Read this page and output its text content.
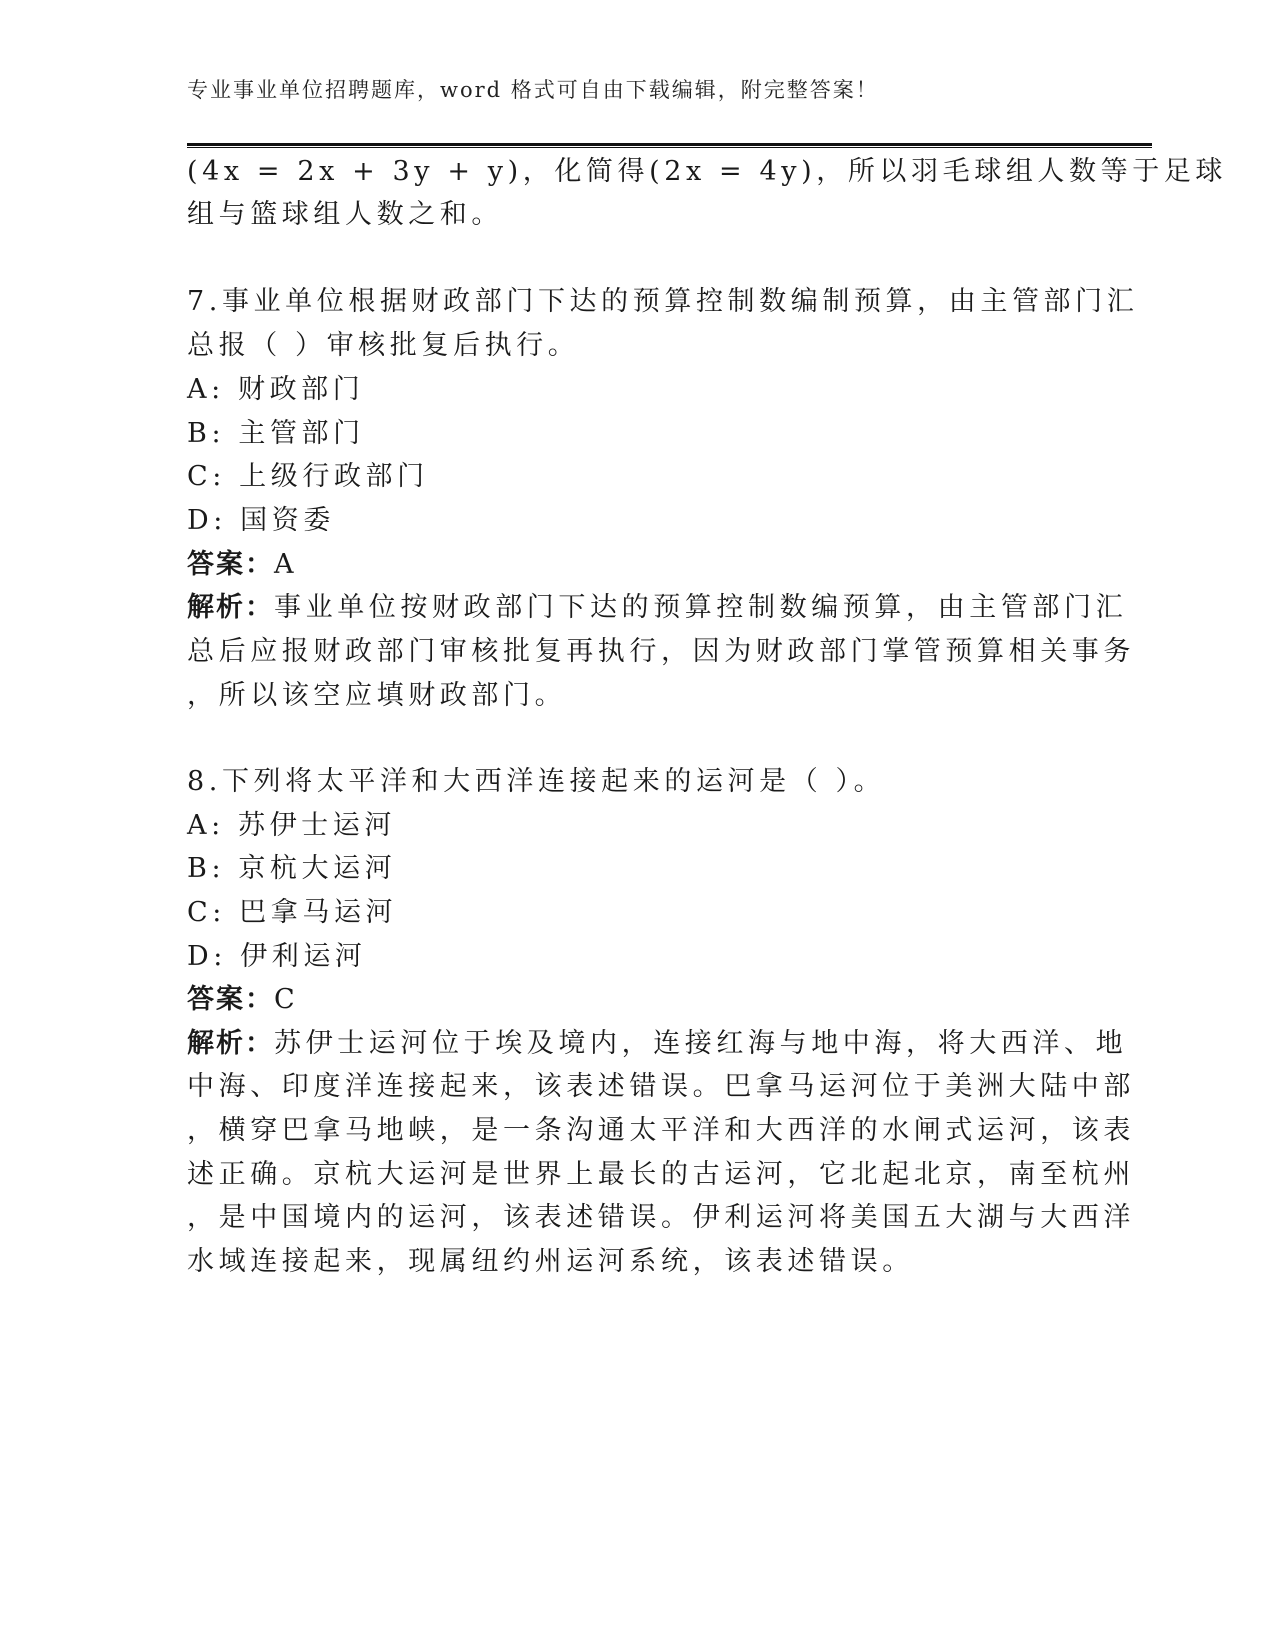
专业事业单位招聘题库，word 格式可自由下载编辑，附完整答案！
(4x = 2x + 3y + y)，化简得(2x = 4y)，所以羽毛球组人数等于足球
组与篮球组人数之和。
7.事业单位根据财政部门下达的预算控制数编制预算，由主管部门汇
总报（ ）审核批复后执行。
A: 财政部门
B: 主管部门
C: 上级行政部门
D: 国资委
答案：A
解析：事业单位按财政部门下达的预算控制数编预算，由主管部门汇
总后应报财政部门审核批复再执行，因为财政部门掌管预算相关事务
，所以该空应填财政部门。
8.下列将太平洋和大西洋连接起来的运河是（ ）。
A: 苏伊士运河
B: 京杭大运河
C: 巴拿马运河
D: 伊利运河
答案：C
解析：苏伊士运河位于埃及境内，连接红海与地中海，将大西洋、地
中海、印度洋连接起来，该表述错误。巴拿马运河位于美洲大陆中部
，横穿巴拿马地峡，是一条沟通太平洋和大西洋的水闸式运河，该表
述正确。京杭大运河是世界上最长的古运河，它北起北京，南至杭州
，是中国境内的运河，该表述错误。伊利运河将美国五大湖与大西洋
水域连接起来，现属纽约州运河系统，该表述错误。
